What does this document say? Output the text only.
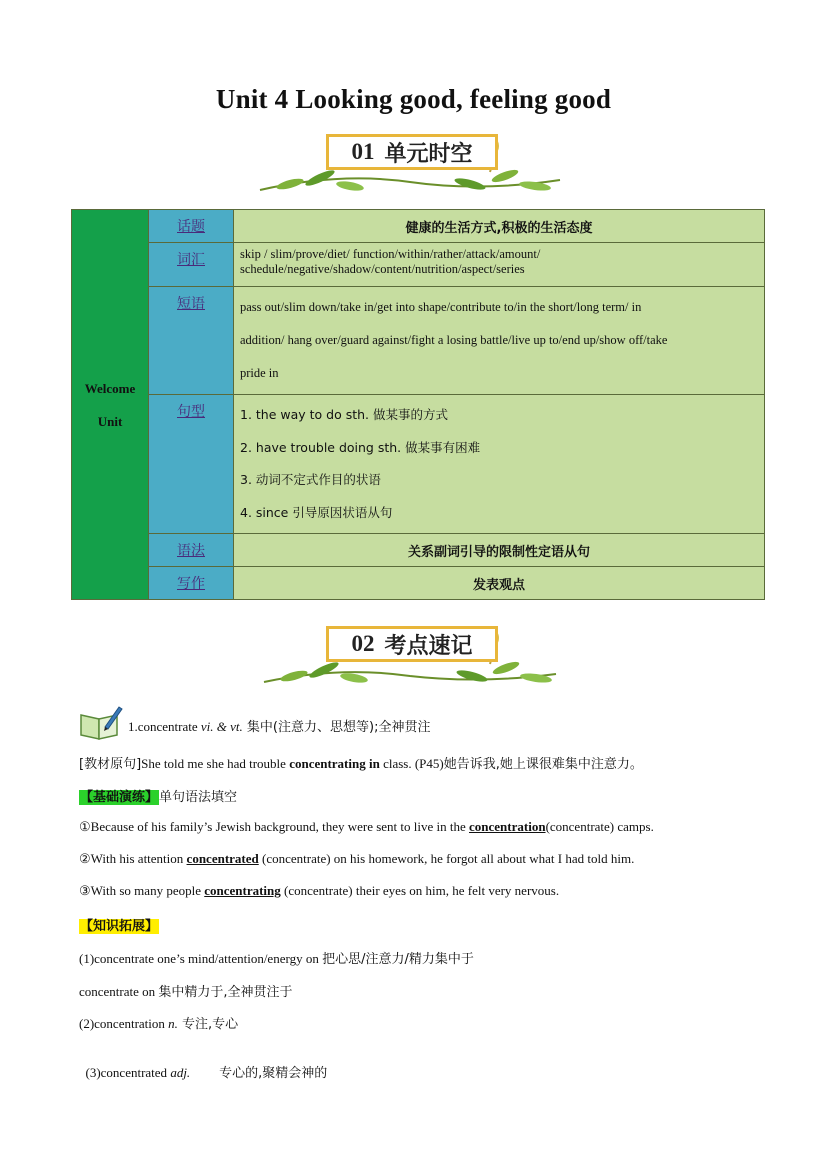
Unit 4 Looking good, feeling good
01 单元时空
Welcome
Unit	话题	健康的生活方式,积极的生活态度
	词汇	skip / slim/prove/diet/ function/within/rather/attack/amount/
schedule/negative/shadow/content/nutrition/aspect/series

	短语	pass out/slim down/take in/get into shape/contribute to/in the short/long term/ in
addition/ hang over/guard against/fight a losing battle/live up to/end up/show off/take
pride in

	句型	1. the way to do sth. 做某事的方式
2. have trouble doing sth. 做某事有困难
3. 动词不定式作目的状语
4. since 引导原因状语从句

	语法	关系副词引导的限制性定语从句
	写作	发表观点
02 考点速记
1.concentrate vi. & vt. 集中(注意力、思想等);全神贯注
[教材原句]She told me she had trouble concentrating in class. (P45)她告诉我,她上课很难集中注意力。
【基础演练】单句语法填空
①Because of his family’s Jewish background, they were sent to live in the concentration(concentrate) camps.
②With his attention concentrated (concentrate) on his homework, he forgot all about what I had told him.
③With so many people concentrating (concentrate) their eyes on him, he felt very nervous.
【知识拓展】
(1)concentrate one’s mind/attention/energy on 把心思/注意力/精力集中于
concentrate on 集中精力于,全神贯注于
(2)concentration n. 专注,专心

(3)concentrated adj.       专心的,聚精会神的
